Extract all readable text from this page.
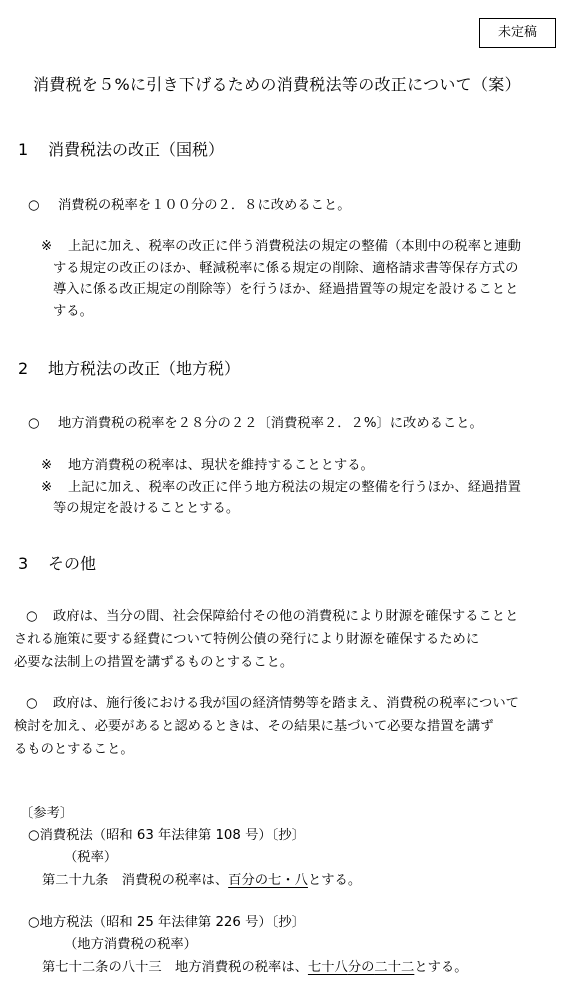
未定稿
消費税を５%に引き下げるための消費税法等の改正について（案）
1 消費税法の改正（国税）
○ 消費税の税率を１００分の２．８に改めること。
※ 上記に加え、税率の改正に伴う消費税法の規定の整備（本則中の税率と連動
する規定の改正のほか、軽減税率に係る規定の削除、適格請求書等保存方式の
導入に係る改正規定の削除等）を行うほか、経過措置等の規定を設けることと
する。
2 地方税法の改正（地方税）
○ 地方消費税の税率を２８分の２２〔消費税率２．２%〕に改めること。
※ 地方消費税の税率は、現状を維持することとする。
※ 上記に加え、税率の改正に伴う地方税法の規定の整備を行うほか、経過措置
等の規定を設けることとする。
3 その他
○ 政府は、当分の間、社会保障給付その他の消費税により財源を確保することと
される施策に要する経費について特例公債の発行により財源を確保するために
必要な法制上の措置を講ずるものとすること。
○ 政府は、施行後における我が国の経済情勢等を踏まえ、消費税の税率について
検討を加え、必要があると認めるときは、その結果に基づいて必要な措置を講ず
るものとすること。
〔参考〕
○消費税法（昭和 63 年法律第 108 号）〔抄〕
（税率）
第二十九条　消費税の税率は、百分の七・八とする。
○地方税法（昭和 25 年法律第 226 号）〔抄〕
（地方消費税の税率）
第七十二条の八十三　地方消費税の税率は、七十八分の二十二とする。
